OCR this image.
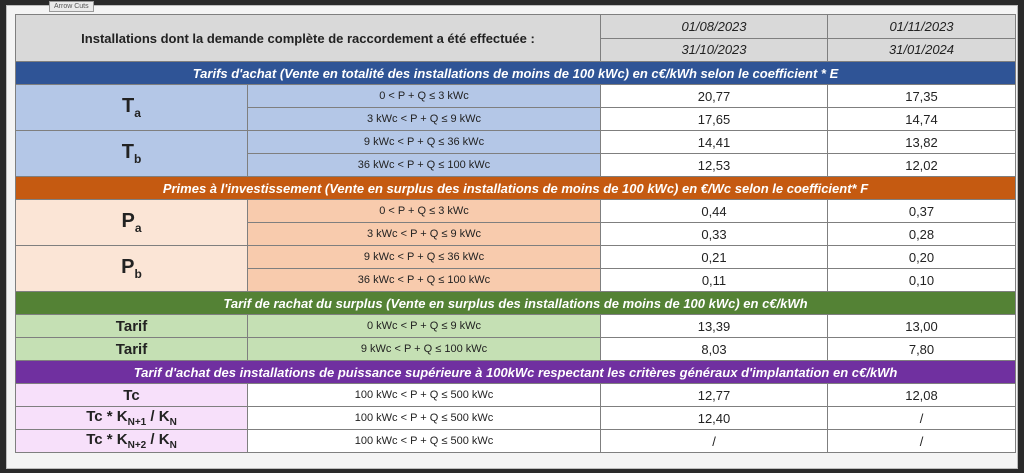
Arrow Cuts
Installations dont la demande complète de raccordement a été effectuée :		01/08/2023	01/11/2023
		31/10/2023	31/01/2024
Tarifs d'achat (Vente en totalité des installations de moins de 100 kWc) en c€/kWh selon le coefficient * E			
$T_a$	0 < P + Q ≤ 3 kWc	20,77	17,35
	3 kWc < P + Q ≤ 9 kWc	17,65	14,74
$T_b$	9 kWc < P + Q ≤ 36 kWc	14,41	13,82
	36 kWc < P + Q ≤ 100 kWc	12,53	12,02
Primes à l'investissement (Vente en surplus des installations de moins de 100 kWc) en €/Wc selon le coefficient* F			
$P_a$	0 < P + Q ≤ 3 kWc	0,44	0,37
	3 kWc < P + Q ≤ 9 kWc	0,33	0,28
$P_b$	9 kWc < P + Q ≤ 36 kWc	0,21	0,20
	36 kWc < P + Q ≤ 100 kWc	0,11	0,10
Tarif de rachat du surplus (Vente en surplus des installations de moins de 100 kWc) en c€/kWh			
Tarif	0 kWc < P + Q ≤ 9 kWc	13,39	13,00
Tarif	9 kWc < P + Q ≤ 100 kWc	8,03	7,80
Tarif d'achat des installations de puissance supérieure à 100kWc respectant les critères généraux d'implantation en c€/kWh			
Tc	100 kWc < P + Q ≤ 500 kWc	12,77	12,08
Tc * $K_{N+1} / K_N$	100 kWc < P + Q ≤ 500 kWc	12,40	/
Tc * $K_{N+2} / K_N$	100 kWc < P + Q ≤ 500 kWc	/	/
